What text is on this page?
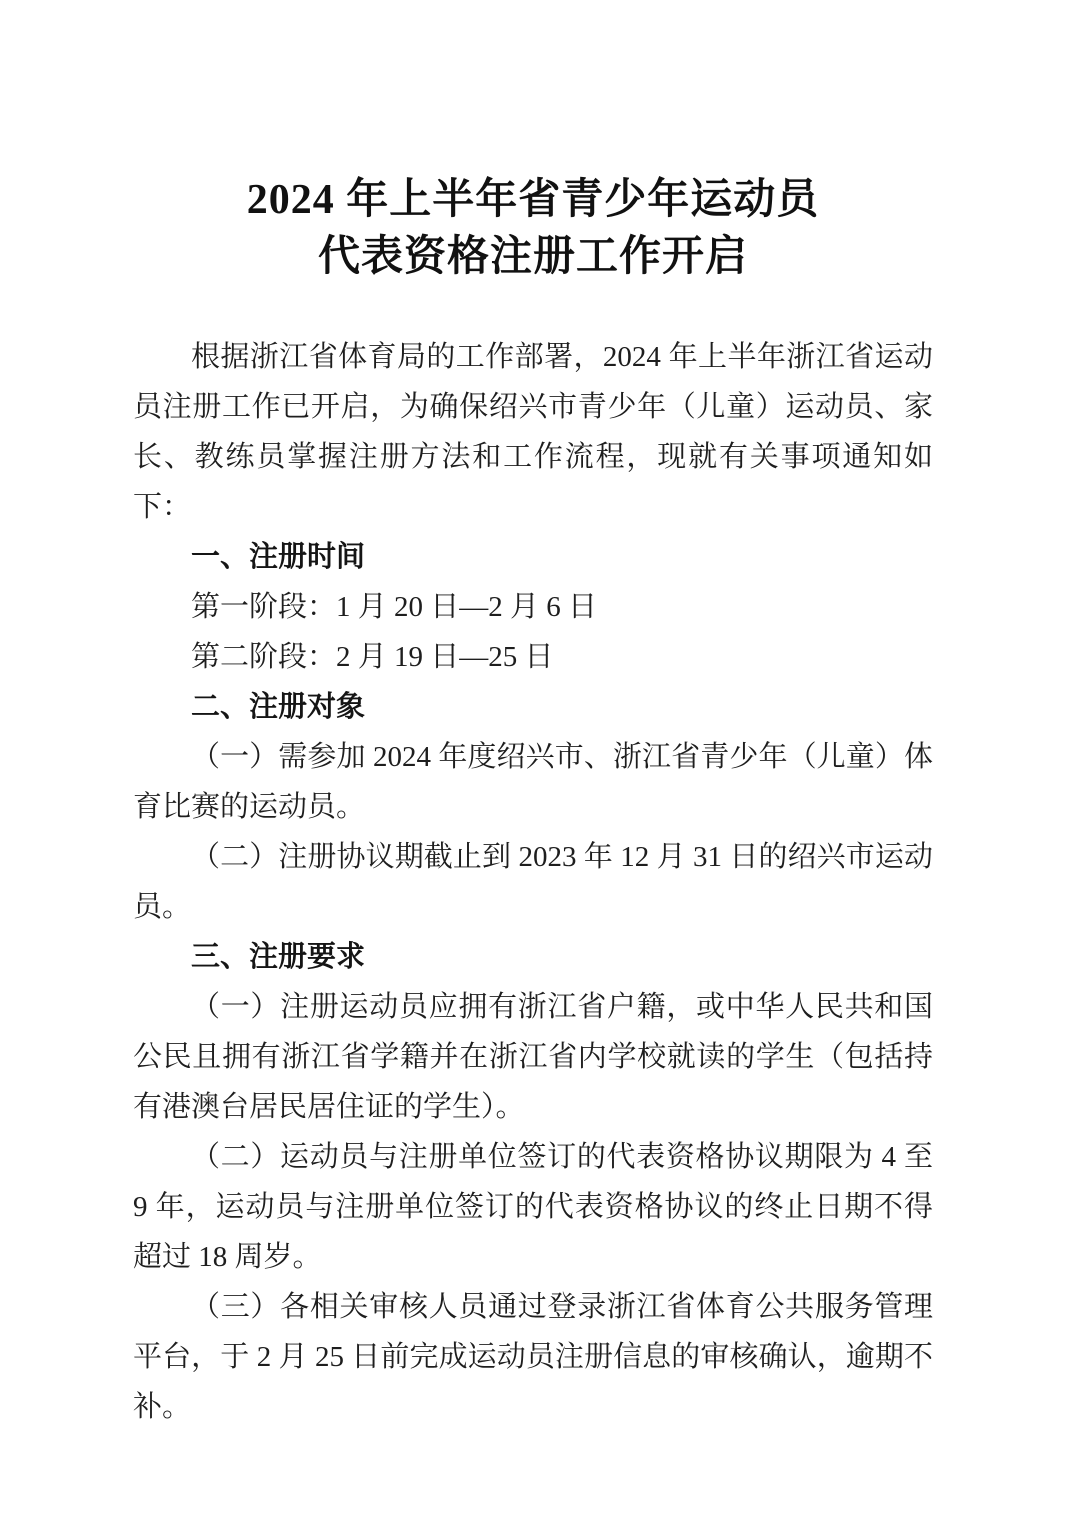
2024 年上半年省青少年运动员
代表资格注册工作开启

根据浙江省体育局的工作部署，2024 年上半年浙江省运动员注册工作已开启，为确保绍兴市青少年（儿童）运动员、家长、教练员掌握注册方法和工作流程，现就有关事项通知如下：

一、注册时间

第一阶段：1 月 20 日—2 月 6 日

第二阶段：2 月 19 日—25 日

二、注册对象

（一）需参加 2024 年度绍兴市、浙江省青少年（儿童）体育比赛的运动员。

（二）注册协议期截止到 2023 年 12 月 31 日的绍兴市运动员。

三、注册要求

（一）注册运动员应拥有浙江省户籍，或中华人民共和国公民且拥有浙江省学籍并在浙江省内学校就读的学生（包括持有港澳台居民居住证的学生）。

（二）运动员与注册单位签订的代表资格协议期限为 4 至 9 年，运动员与注册单位签订的代表资格协议的终止日期不得超过 18 周岁。

（三）各相关审核人员通过登录浙江省体育公共服务管理平台，于 2 月 25 日前完成运动员注册信息的审核确认，逾期不补。
